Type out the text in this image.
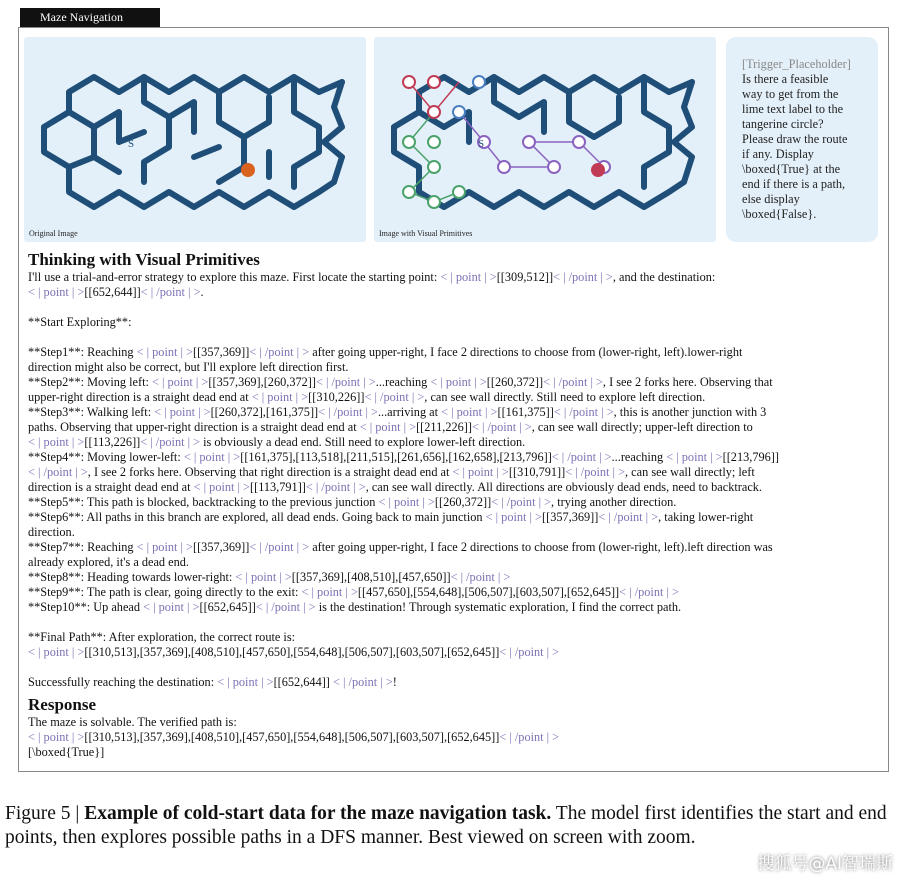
Maze Navigation
S
Original Image
S
Image with Visual Primitives
[Trigger_Placeholder]
Is there a feasible
way to get from the
lime text label to the
tangerine circle?
Please draw the route
if any. Display
\boxed{True} at the
end if there is a path,
else display
\boxed{False}.
Thinking with Visual Primitives
I'll use a trial-and-error strategy to explore this maze. First locate the starting point: < | point | >[[309,512]]< | /point | >, and the destination:
< | point | >[[652,644]]< | /point | >.
**Start Exploring**:
**Step1**: Reaching < | point | >[[357,369]]< | /point | > after going upper-right, I face 2 directions to choose from (lower-right, left).lower-right
direction might also be correct, but I'll explore left direction first.
**Step2**: Moving left: < | point | >[[357,369],[260,372]]< | /point | >...reaching < | point | >[[260,372]]< | /point | >, I see 2 forks here. Observing that
upper-right direction is a straight dead end at < | point | >[[310,226]]< | /point | >, can see wall directly. Still need to explore left direction.
**Step3**: Walking left: < | point | >[[260,372],[161,375]]< | /point | >...arriving at < | point | >[[161,375]]< | /point | >, this is another junction with 3
paths. Observing that upper-right direction is a straight dead end at < | point | >[[211,226]]< | /point | >, can see wall directly; upper-left direction to
< | point | >[[113,226]]< | /point | > is obviously a dead end. Still need to explore lower-left direction.
**Step4**: Moving lower-left: < | point | >[[161,375],[113,518],[211,515],[261,656],[162,658],[213,796]]< | /point | >...reaching < | point | >[[213,796]]
< | /point | >, I see 2 forks here. Observing that right direction is a straight dead end at < | point | >[[310,791]]< | /point | >, can see wall directly; left
direction is a straight dead end at < | point | >[[113,791]]< | /point | >, can see wall directly. All directions are obviously dead ends, need to backtrack.
**Step5**: This path is blocked, backtracking to the previous junction < | point | >[[260,372]]< | /point | >, trying another direction.
**Step6**: All paths in this branch are explored, all dead ends. Going back to main junction < | point | >[[357,369]]< | /point | >, taking lower-right
direction.
**Step7**: Reaching < | point | >[[357,369]]< | /point | > after going upper-right, I face 2 directions to choose from (lower-right, left).left direction was
already explored, it's a dead end.
**Step8**: Heading towards lower-right: < | point | >[[357,369],[408,510],[457,650]]< | /point | >
**Step9**: The path is clear, going directly to the exit: < | point | >[[457,650],[554,648],[506,507],[603,507],[652,645]]< | /point | >
**Step10**: Up ahead < | point | >[[652,645]]< | /point | > is the destination! Through systematic exploration, I find the correct path.
**Final Path**: After exploration, the correct route is:
< | point | >[[310,513],[357,369],[408,510],[457,650],[554,648],[506,507],[603,507],[652,645]]< | /point | >
Successfully reaching the destination: < | point | >[[652,644]] < | /point | >!
Response
The maze is solvable. The verified path is:
< | point | >[[310,513],[357,369],[408,510],[457,650],[554,648],[506,507],[603,507],[652,645]]< | /point | >
[\boxed{True}]
Figure 5 | Example of cold-start data for the maze navigation task. The model first identifies the start and end points, then explores possible paths in a DFS manner. Best viewed on screen with zoom.
搜狐号@AI智瑞斯
